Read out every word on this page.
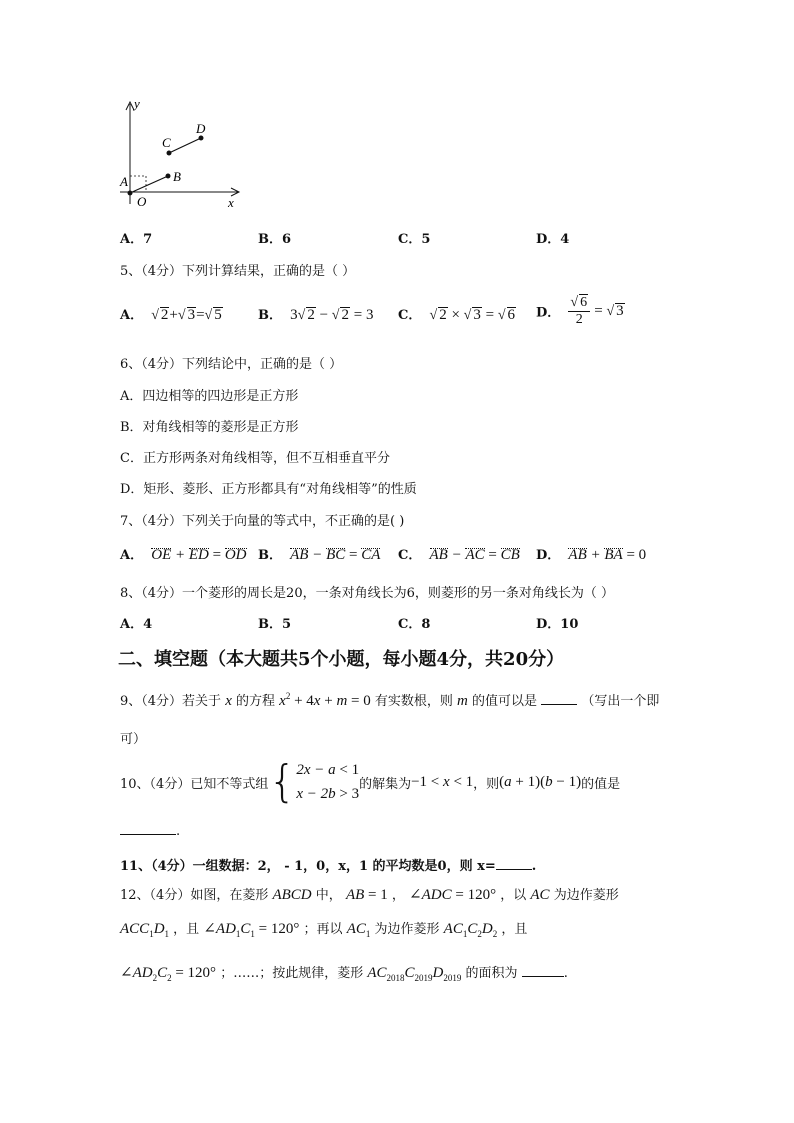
y
x
A	B
C
D
O
A．7	B．6	C．5	D．4
5、（4分）下列计算结果，正确的是（ ）
A． √ 2+√ 3=√ 5	B． 3√ 2 − √ 2 = 3 C． √ 2 × √ 3 = √ 6 D． $\frac{√ 6}{2}$ = √ 3
6、（4分）下列结论中，正确的是（ ）
A．四边相等的四边形是正方形
B．对角线相等的菱形是正方形
C．正方形两条对角线相等，但不互相垂直平分
D．矩形、菱形、正方形都具有“对角线相等”的性质
7、（4分）下列关于向量的等式中，不正确的是( )
A． OE + ED = OD B． AB − BC = CA C． AB − AC = CB D． AB + BA = 0
8、（4分）一个菱形的周长是20，一条对角线长为6，则菱形的另一条对角线长为（ ）
A．4	B．5	C．8	D．10
二、填空题（本大题共5个小题，每小题4分，共20分）
9、（4分）若关于 x 的方程 $x^2 + 4x + m = 0$ 有实数根，则 m 的值可以是	（写出一个即
可）
10、（4分）已知不等式组 { 2x − a < 1
x − 2b > 3
的解集为 −1 < x < 1 ，则 (a + 1)(b − 1) 的值是
.
11、（4分）一组数据：2， - 1，0，x，1 的平均数是0，则 x=	.
12、（4分）如图，在菱形 ABCD 中， AB = 1 ， ∠ADC = 120° ，以 AC 为边作菱形
$ACC_1D_1$ ，且 $\angle AD_1C_1 = 120^\circ$ ；再以 $AC_1$ 为边作菱形 $AC_1C_2D_2$ ，且
$\angle AD_2C_2 = 120^\circ$ ；……；按此规律，菱形 $AC_{2018}C_{2019}D_{2019}$ 的面积为	.
